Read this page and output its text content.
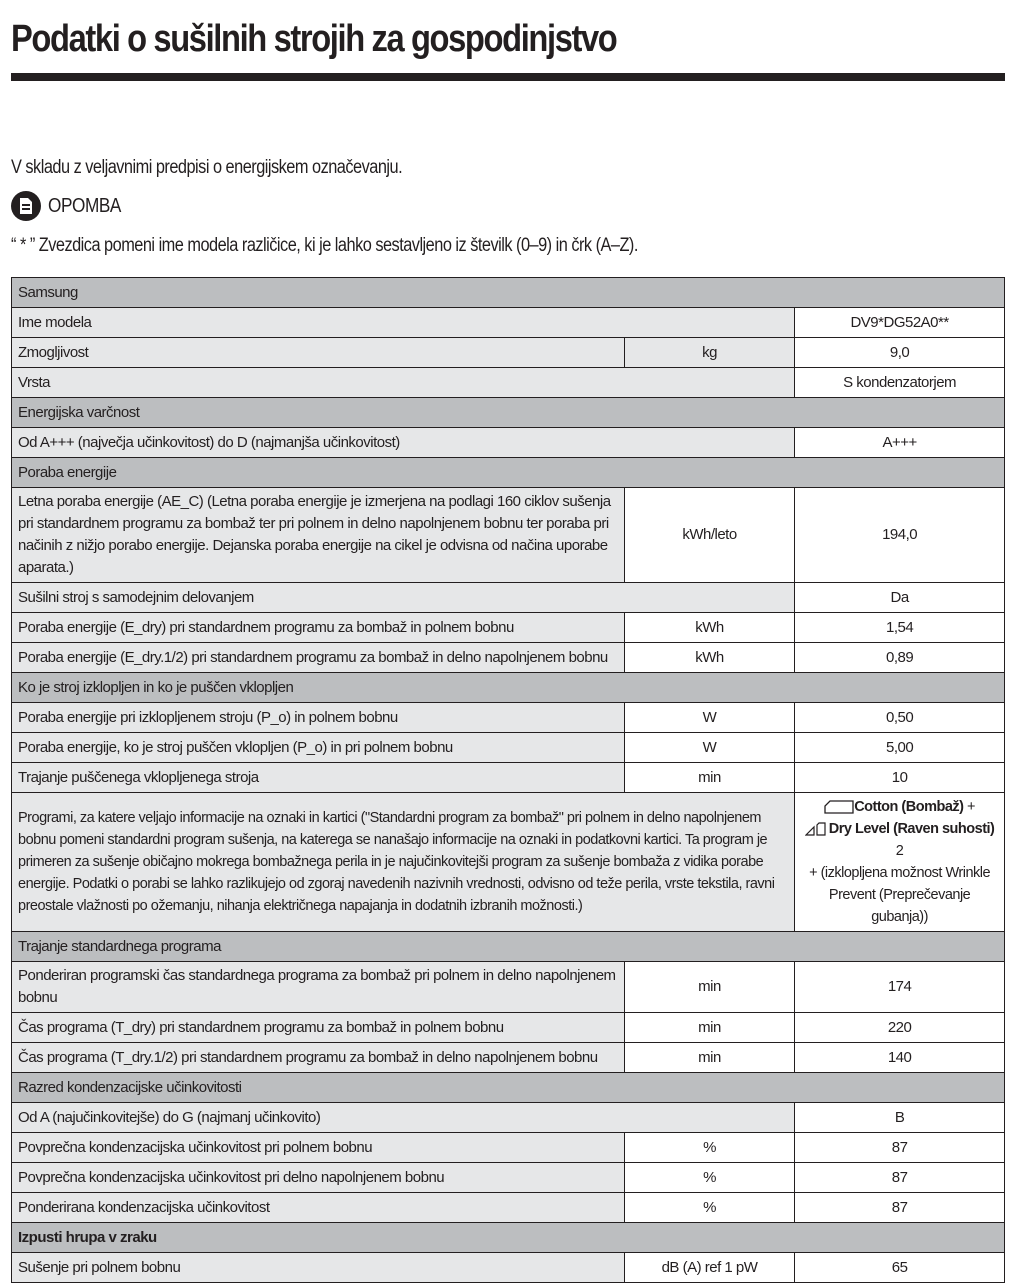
Podatki o sušilnih strojih za gospodinjstvo
V skladu z veljavnimi predpisi o energijskem označevanju.
OPOMBA
“ * ” Zvezdica pomeni ime modela različice, ki je lahko sestavljeno iz številk (0–9) in črk (A–Z).
Samsung		
Ime modela		DV9*DG52A0**
Zmogljivost	kg	9,0
Vrsta		S kondenzatorjem
Energijska varčnost		
Od A+++ (največja učinkovitost) do D (najmanjša učinkovitost)		A+++
Poraba energije		
Letna poraba energije (AE_C) (Letna poraba energije je izmerjena na podlagi 160 ciklov sušenja pri standardnem programu za bombaž ter pri polnem in delno napolnjenem bobnu ter poraba pri načinih z nižjo porabo energije. Dejanska poraba energije na cikel je odvisna od načina uporabe aparata.)	kWh/leto	194,0
Sušilni stroj s samodejnim delovanjem		Da
Poraba energije (E_dry) pri standardnem programu za bombaž in polnem bobnu	kWh	1,54
Poraba energije (E_dry.1/2) pri standardnem programu za bombaž in delno napolnjenem bobnu	kWh	0,89
Ko je stroj izklopljen in ko je puščen vklopljen		
Poraba energije pri izklopljenem stroju (P_o) in polnem bobnu	W	0,50
Poraba energije, ko je stroj puščen vklopljen (P_o) in pri polnem bobnu	W	5,00
Trajanje puščenega vklopljenega stroja	min	10
Programi, za katere veljajo informacije na oznaki in kartici ("Standardni program za bombaž" pri polnem in delno napolnjenem bobnu pomeni standardni program sušenja, na katerega se nanašajo informacije na oznaki in podatkovni kartici. Ta program je primeren za sušenje običajno mokrega bombažnega perila in je najučinkovitejši program za sušenje bombaža z vidika porabe energije. Podatki o porabi se lahko razlikujejo od zgoraj navedenih nazivnih vrednosti, odvisno od teže perila, vrste tekstila, ravni preostale vlažnosti po ožemanju, nihanja električnega napajanja in dodatnih izbranih možnosti.)	Cotton (Bombaž) +
Dry Level (Raven suhosti) 2
+ (izklopljena možnost Wrinkle Prevent (Preprečevanje gubanja))
Trajanje standardnega programa		
Ponderiran programski čas standardnega programa za bombaž pri polnem in delno napolnjenem bobnu	min	174
Čas programa (T_dry) pri standardnem programu za bombaž in polnem bobnu	min	220
Čas programa (T_dry.1/2) pri standardnem programu za bombaž in delno napolnjenem bobnu	min	140
Razred kondenzacijske učinkovitosti		
Od A (najučinkovitejše) do G (najmanj učinkovito)		B
Povprečna kondenzacijska učinkovitost pri polnem bobnu	%	87
Povprečna kondenzacijska učinkovitost pri delno napolnjenem bobnu	%	87
Ponderirana kondenzacijska učinkovitost	%	87
Izpusti hrupa v zraku		
Sušenje pri polnem bobnu	dB (A) ref 1 pW	65
